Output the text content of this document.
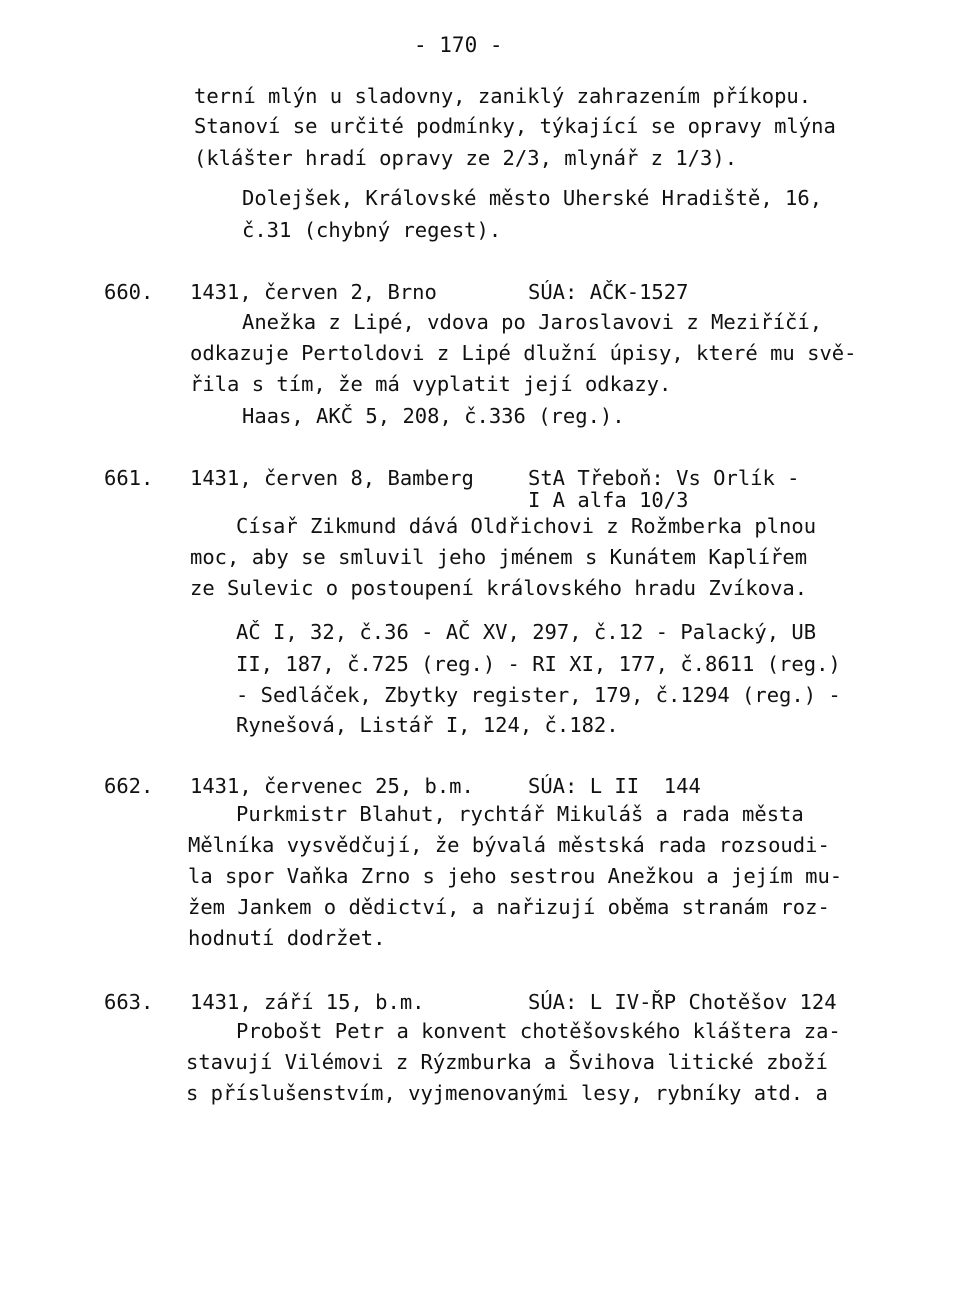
- 170 -
terní mlýn u sladovny, zaniklý zahrazením příkopu.
Stanoví se určité podmínky, týkající se opravy mlýna
(klášter hradí opravy ze 2/3, mlynář z 1/3).
Dolejšek, Královské město Uherské Hradiště, 16,
č.31 (chybný regest).
660. 1431, červen 2, Brno	SÚA: AČK-1527
Anežka z Lipé, vdova po Jaroslavovi z Meziříčí,
odkazuje Pertoldovi z Lipé dlužní úpisy, které mu svě-
řila s tím, že má vyplatit její odkazy.
Haas, AKČ 5, 208, č.336 (reg.).
661. 1431, červen 8, Bamberg	StA Třeboň: Vs Orlík -
I A alfa 10/3
Císař Zikmund dává Oldřichovi z Rožmberka plnou
moc, aby se smluvil jeho jménem s Kunátem Kaplířem
ze Sulevic o postoupení královského hradu Zvíkova.
AČ I, 32, č.36 - AČ XV, 297, č.12 - Palacký, UB
II, 187, č.725 (reg.) - RI XI, 177, č.8611 (reg.)
- Sedláček, Zbytky register, 179, č.1294 (reg.) -
Rynešová, Listář I, 124, č.182.
662. 1431, červenec 25, b.m.	SÚA: L II  144
Purkmistr Blahut, rychtář Mikuláš a rada města
Mělníka vysvědčují, že bývalá městská rada rozsoudi-
la spor Vaňka Zrno s jeho sestrou Anežkou a jejím mu-
žem Jankem o dědictví, a nařizují oběma stranám roz-
hodnutí dodržet.
663. 1431, září 15, b.m.	SÚA: L IV-ŘP Chotěšov 124
Probošt Petr a konvent chotěšovského kláštera za-
stavují Vilémovi z Rýzmburka a Švihova litické zboží
s příslušenstvím, vyjmenovanými lesy, rybníky atd. a
